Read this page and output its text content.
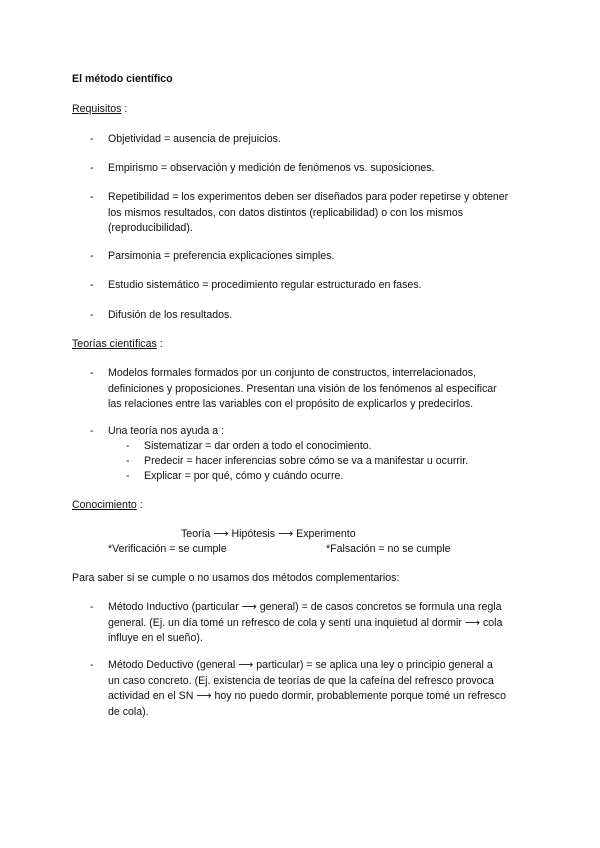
El método científico
Requisitos :
- Objetividad = ausencia de prejuicios.
- Empirismo = observación y medición de fenómenos vs. suposiciones.
- Repetibilidad = los experimentos deben ser diseñados para poder repetirse y obtener
los mismos resultados, con datos distintos (replicabilidad) o con los mismos
(reproducibilidad).
- Parsimonia = preferencia explicaciones simples.
- Estudio sistemático = procedimiento regular estructurado en fases.
- Difusión de los resultados.
Teorías científicas :
- Modelos formales formados por un conjunto de constructos, interrelacionados,
definiciones y proposiciones. Presentan una visión de los fenómenos al especificar
las relaciones entre las variables con el propósito de explicarlos y predecirlos.
- Una teoría nos ayuda a :
- Sistematizar = dar orden a todo el conocimiento.
- Predecir = hacer inferencias sobre cómo se va a manifestar u ocurrir.
- Explicar = por qué, cómo y cuándo ocurre.
Conocimiento :
Teoría ⟶ Hipótesis ⟶ Experimento
*Verificación = se cumple	*Falsación = no se cumple
Para saber si se cumple o no usamos dos métodos complementarios:
- Método Inductivo (particular ⟶ general) = de casos concretos se formula una regla
general. (Ej. un día tomé un refresco de cola y sentí una inquietud al dormir ⟶ cola
influye en el sueño).
- Método Deductivo (general ⟶ particular) = se aplica una ley o principio general a
un caso concreto. (Ej. existencia de teorías de que la cafeína del refresco provoca
actividad en el SN ⟶ hoy no puedo dormir, probablemente porque tomé un refresco
de cola).
